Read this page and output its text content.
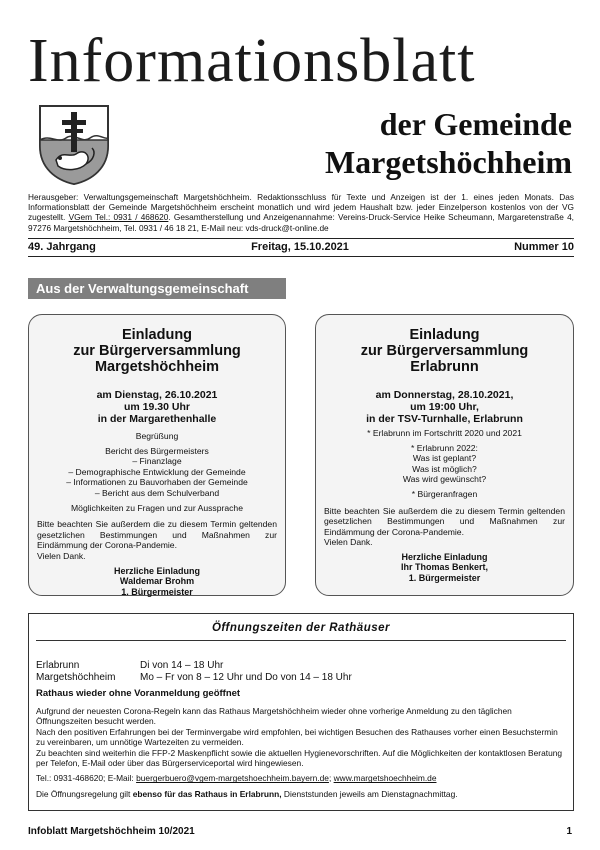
Informationsblatt
der Gemeinde
Margetshöchheim
Herausgeber: Verwaltungsgemeinschaft Margetshöchheim. Redaktionsschluss für Texte und Anzeigen ist der 1. eines jeden Monats. Das Informationsblatt der Gemeinde Margetshöchheim erscheint monatlich und wird jedem Haushalt bzw. jeder Einzelperson kostenlos von der VG zugestellt. VGem Tel.: 0931 / 468620. Gesamtherstellung und Anzeigenannahme: Vereins-Druck-Service Heike Scheumann, Margaretenstraße 4, 97276 Margetshöchheim, Tel. 0931 / 46 18 21, E-Mail neu: vds-druck@t-online.de
49. Jahrgang	Freitag, 15.10.2021	Nummer 10
Aus der Verwaltungsgemeinschaft
Einladung
zur Bürgerversammlung
Margetshöchheim
am Dienstag, 26.10.2021
um 19.30 Uhr
in der Margarethenhalle
Begrüßung
Bericht des Bürgermeisters
– Finanzlage
– Demographische Entwicklung der Gemeinde
– Informationen zu Bauvorhaben der Gemeinde
– Bericht aus dem Schulverband
Möglichkeiten zu Fragen und zur Aussprache
Bitte beachten Sie außerdem die zu diesem Termin geltenden gesetzlichen Bestimmungen und Maßnahmen zur Eindämmung der Corona-Pandemie.
Vielen Dank.
Herzliche Einladung
Waldemar Brohm
1. Bürgermeister
Einladung
zur Bürgerversammlung
Erlabrunn
am Donnerstag, 28.10.2021,
um 19:00 Uhr,
in der TSV-Turnhalle, Erlabrunn
* Erlabrunn im Fortschritt 2020 und 2021
* Erlabrunn 2022:
Was ist geplant?
Was ist möglich?
Was wird gewünscht?
* Bürgeranfragen
Bitte beachten Sie außerdem die zu diesem Termin geltenden gesetzlichen Bestimmungen und Maßnahmen zur Eindämmung der Corona-Pandemie.
Vielen Dank.
Herzliche Einladung
Ihr Thomas Benkert,
1. Bürgermeister
Öffnungszeiten der Rathäuser
Erlabrunn	Di von 14 – 18 Uhr
Margetshöchheim Mo – Fr von 8 – 12 Uhr und Do von 14 – 18 Uhr
Rathaus wieder ohne Voranmeldung geöffnet
Aufgrund der neuesten Corona-Regeln kann das Rathaus Margetshöchheim wieder ohne vorherige Anmeldung zu den täglichen Öffnungszeiten besucht werden.
Nach den positiven Erfahrungen bei der Terminvergabe wird empfohlen, bei wichtigen Besuchen des Rathauses vorher einen Besuchstermin zu vereinbaren, um unnötige Wartezeiten zu vermeiden.
Zu beachten sind weiterhin die FFP-2 Maskenpflicht sowie die aktuellen Hygienevorschriften. Auf die Möglichkeiten der kontaktlosen Beratung per Telefon, E-Mail oder über das Bürgerserviceportal wird hingewiesen.
Tel.: 0931-468620; E-Mail: buergerbuero@vgem-margetshoechheim.bayern.de; www.margetshoechheim.de
Die Öffnungsregelung gilt ebenso für das Rathaus in Erlabrunn, Dienststunden jeweils am Dienstagnachmittag.
Infoblatt Margetshöchheim 10/2021	1
